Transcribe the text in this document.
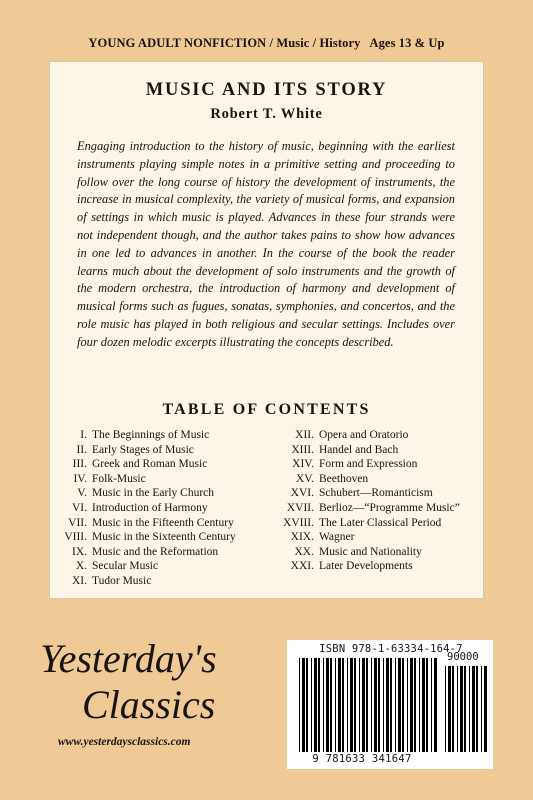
YOUNG ADULT NONFICTION / Music / History   Ages 13 & Up
MUSIC AND ITS STORY
Robert T. White

Engaging introduction to the history of music, beginning with the earliest instruments playing simple notes in a primitive setting and proceeding to follow over the long course of history the development of instruments, the increase in musical complexity, the variety of musical forms, and expansion of settings in which music is played. Advances in these four strands were not independent though, and the author takes pains to show how advances in one led to advances in another. In the course of the book the reader learns much about the development of solo instruments and the growth of the modern orchestra, the introduction of harmony and development of musical forms such as fugues, sonatas, symphonies, and concertos, and the role music has played in both religious and secular settings. Includes over four dozen melodic excerpts illustrating the concepts described.

TABLE OF CONTENTS
I. The Beginnings of Music
II. Early Stages of Music
III. Greek and Roman Music
IV. Folk-Music
V. Music in the Early Church
VI. Introduction of Harmony
VII. Music in the Fifteenth Century
VIII. Music in the Sixteenth Century
IX. Music and the Reformation
X. Secular Music
XI. Tudor Music
XII. Opera and Oratorio
XIII. Handel and Bach
XIV. Form and Expression
XV. Beethoven
XVI. Schubert—Romanticism
XVII. Berlioz—“Programme Music”
XVIII. The Later Classical Period
XIX. Wagner
XX. Music and Nationality
XXI. Later Developments
Yesterday's
Classics
www.yesterdaysclassics.com
ISBN 978-1-63334-164-7
90000
9 781633 341647
